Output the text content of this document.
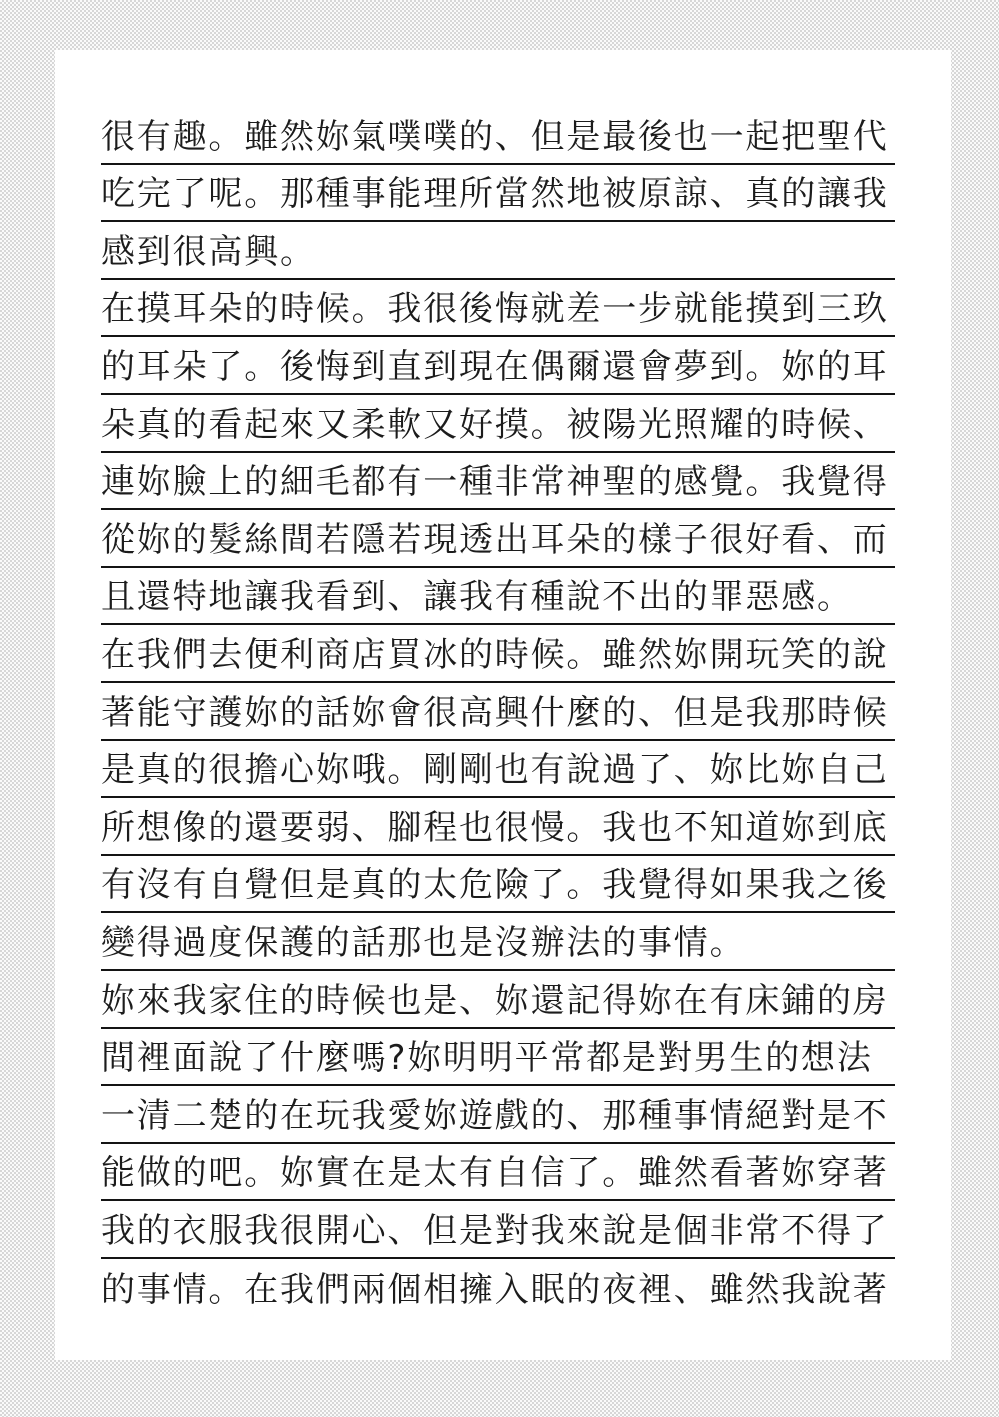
很有趣。雖然妳氣噗噗的、但是最後也一起把聖代
吃完了呢。那種事能理所當然地被原諒、真的讓我
感到很高興。
在摸耳朵的時候。我很後悔就差一步就能摸到三玖
的耳朵了。後悔到直到現在偶爾還會夢到。妳的耳
朵真的看起來又柔軟又好摸。被陽光照耀的時候、
連妳臉上的細毛都有一種非常神聖的感覺。我覺得
從妳的髮絲間若隱若現透出耳朵的樣子很好看、而
且還特地讓我看到、讓我有種說不出的罪惡感。
在我們去便利商店買冰的時候。雖然妳開玩笑的說
著能守護妳的話妳會很高興什麼的、但是我那時候
是真的很擔心妳哦。剛剛也有說過了、妳比妳自己
所想像的還要弱、腳程也很慢。我也不知道妳到底
有沒有自覺但是真的太危險了。我覺得如果我之後
變得過度保護的話那也是沒辦法的事情。
妳來我家住的時候也是、妳還記得妳在有床鋪的房
間裡面說了什麼嗎?妳明明平常都是對男生的想法
一清二楚的在玩我愛妳遊戲的、那種事情絕對是不
能做的吧。妳實在是太有自信了。雖然看著妳穿著
我的衣服我很開心、但是對我來說是個非常不得了
的事情。在我們兩個相擁入眠的夜裡、雖然我說著
